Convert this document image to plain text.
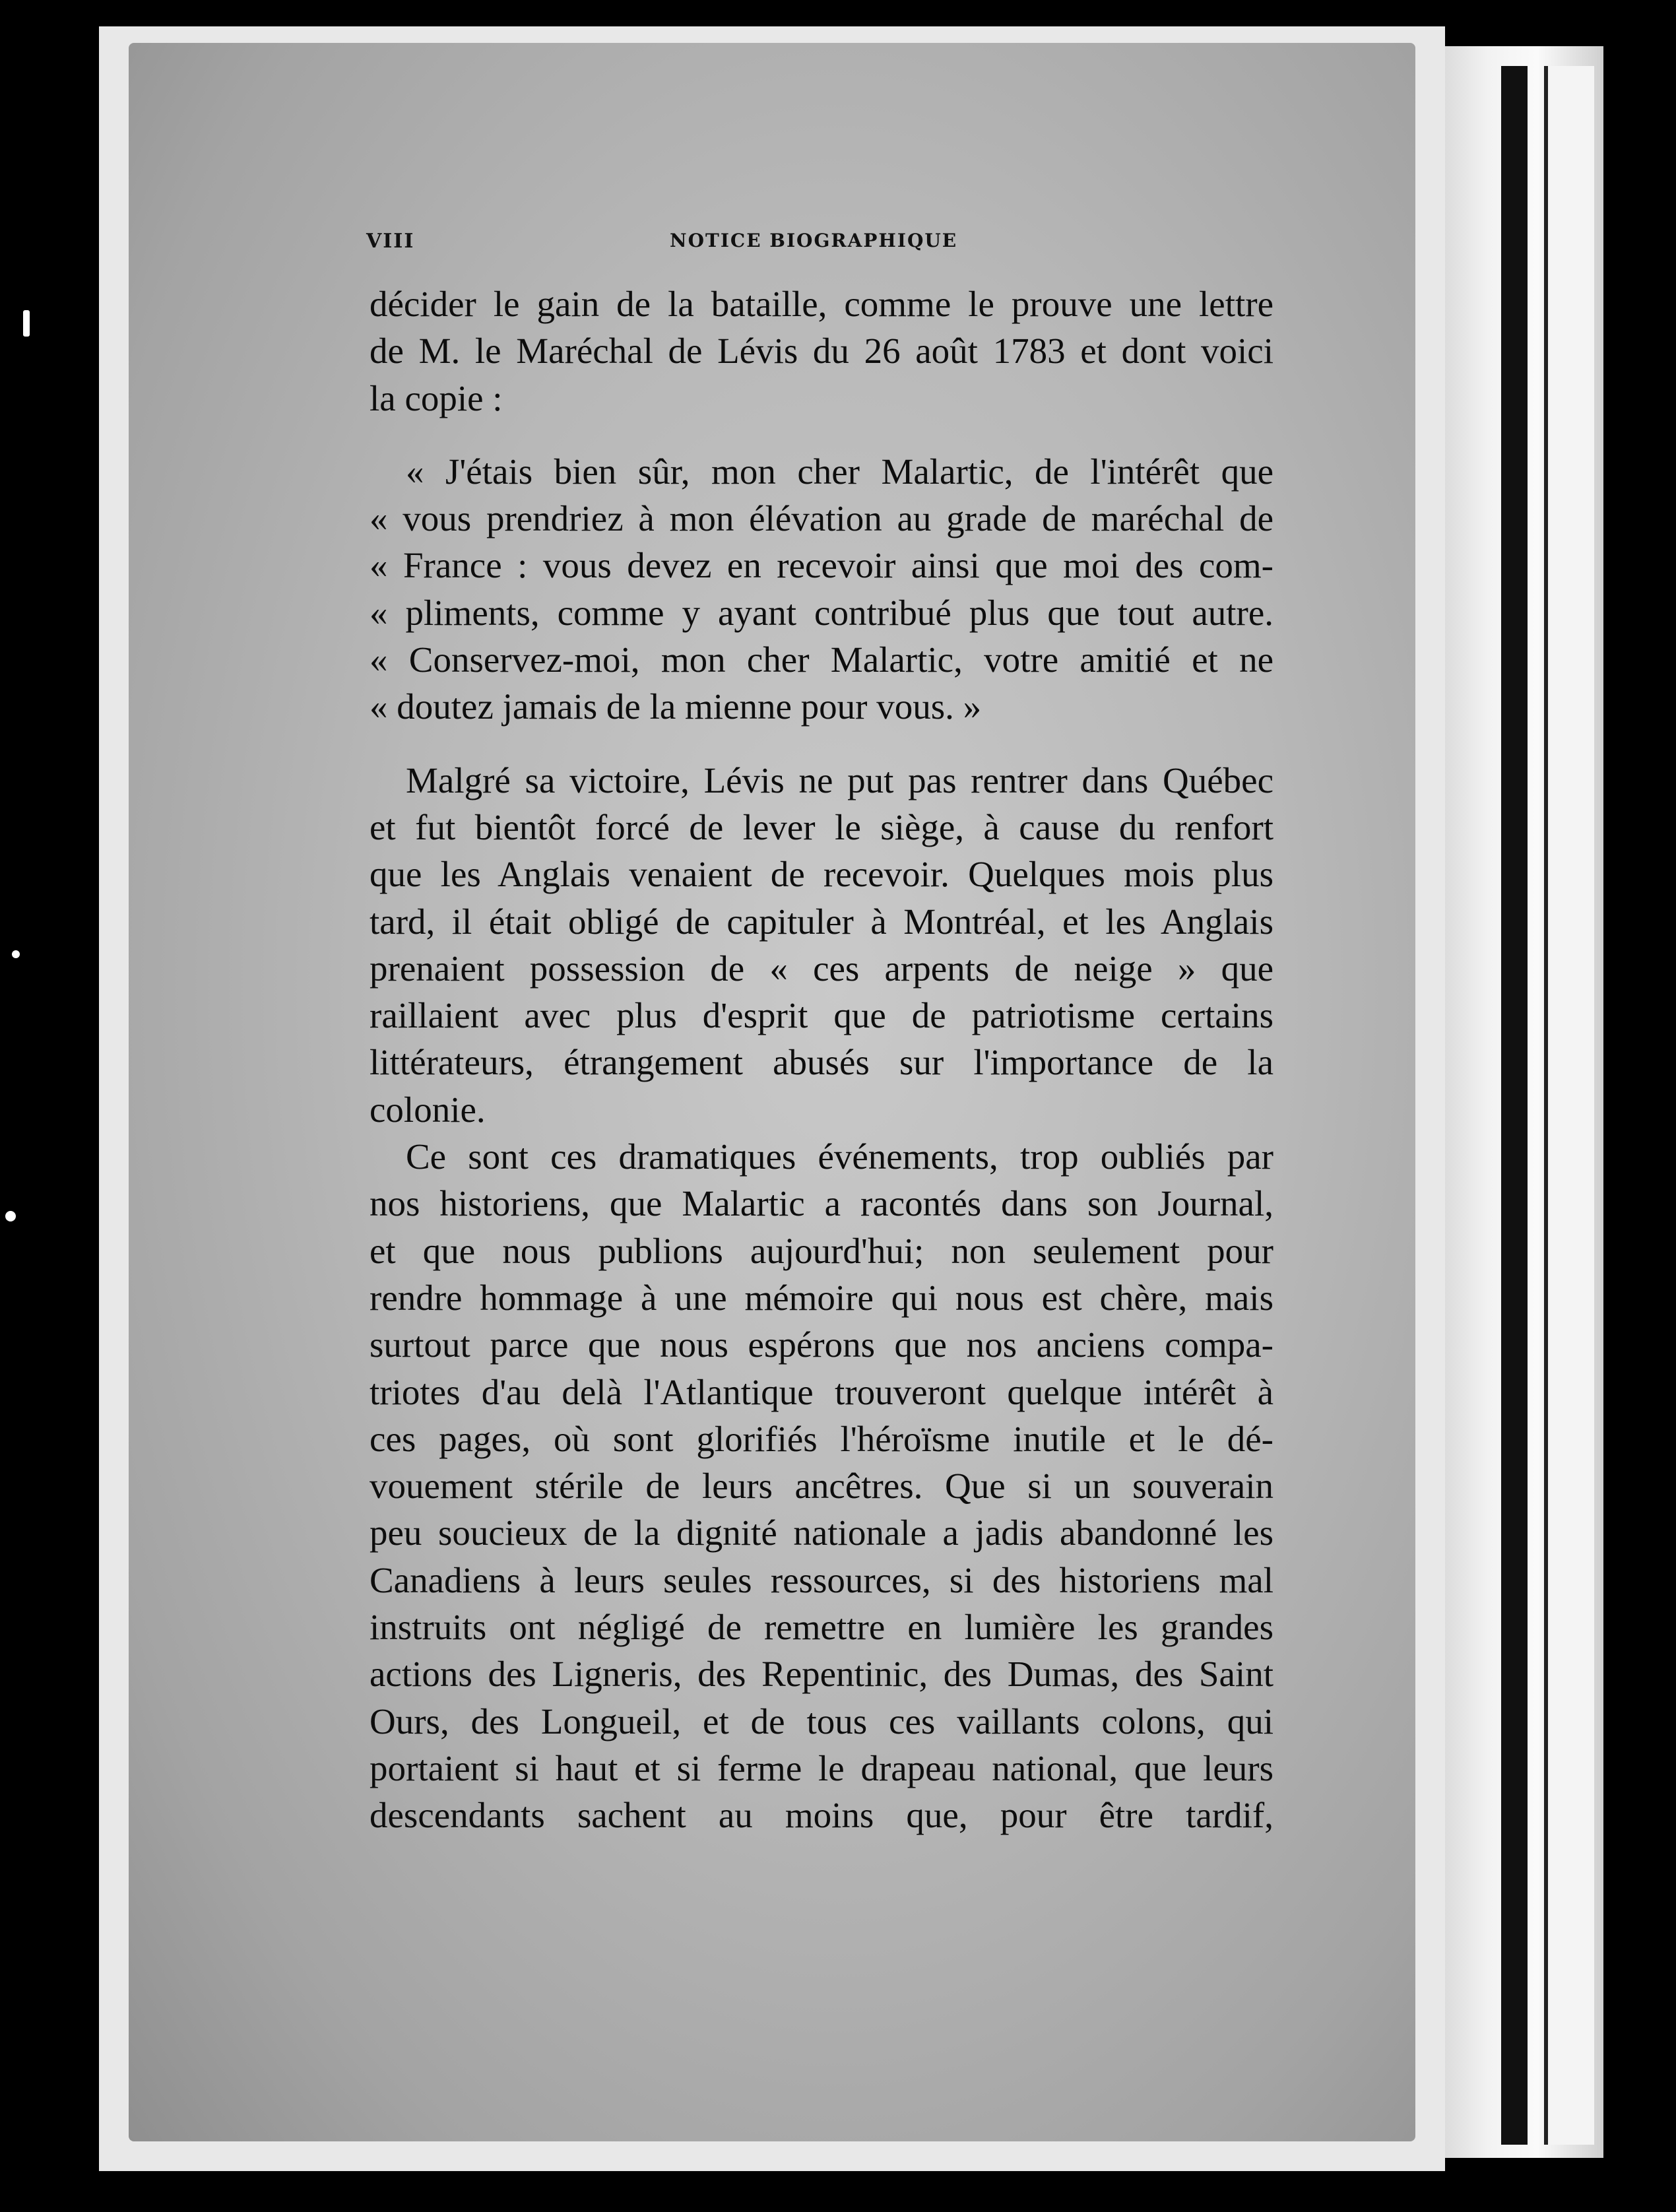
VIII	NOTICE BIOGRAPHIQUE
décider le gain de la bataille, comme le prouve une lettre
de M. le Maréchal de Lévis du 26 août 1783 et dont voici
la copie :
« J'étais bien sûr, mon cher Malartic, de l'intérêt que
« vous prendriez à mon élévation au grade de maréchal de
« France : vous devez en recevoir ainsi que moi des com-
« pliments, comme y ayant contribué plus que tout autre.
« Conservez-moi, mon cher Malartic, votre amitié et ne
« doutez jamais de la mienne pour vous. »
Malgré sa victoire, Lévis ne put pas rentrer dans Québec
et fut bientôt forcé de lever le siège, à cause du renfort
que les Anglais venaient de recevoir. Quelques mois plus
tard, il était obligé de capituler à Montréal, et les Anglais
prenaient possession de « ces arpents de neige » que
raillaient avec plus d'esprit que de patriotisme certains
littérateurs, étrangement abusés sur l'importance de la
colonie.
Ce sont ces dramatiques événements, trop oubliés par
nos historiens, que Malartic a racontés dans son Journal,
et que nous publions aujourd'hui; non seulement pour
rendre hommage à une mémoire qui nous est chère, mais
surtout parce que nous espérons que nos anciens compa-
triotes d'au delà l'Atlantique trouveront quelque intérêt à
ces pages, où sont glorifiés l'héroïsme inutile et le dé-
vouement stérile de leurs ancêtres. Que si un souverain
peu soucieux de la dignité nationale a jadis abandonné les
Canadiens à leurs seules ressources, si des historiens mal
instruits ont négligé de remettre en lumière les grandes
actions des Ligneris, des Repentinic, des Dumas, des Saint
Ours, des Longueil, et de tous ces vaillants colons, qui
portaient si haut et si ferme le drapeau national, que leurs
descendants sachent au moins que, pour être tardif,
